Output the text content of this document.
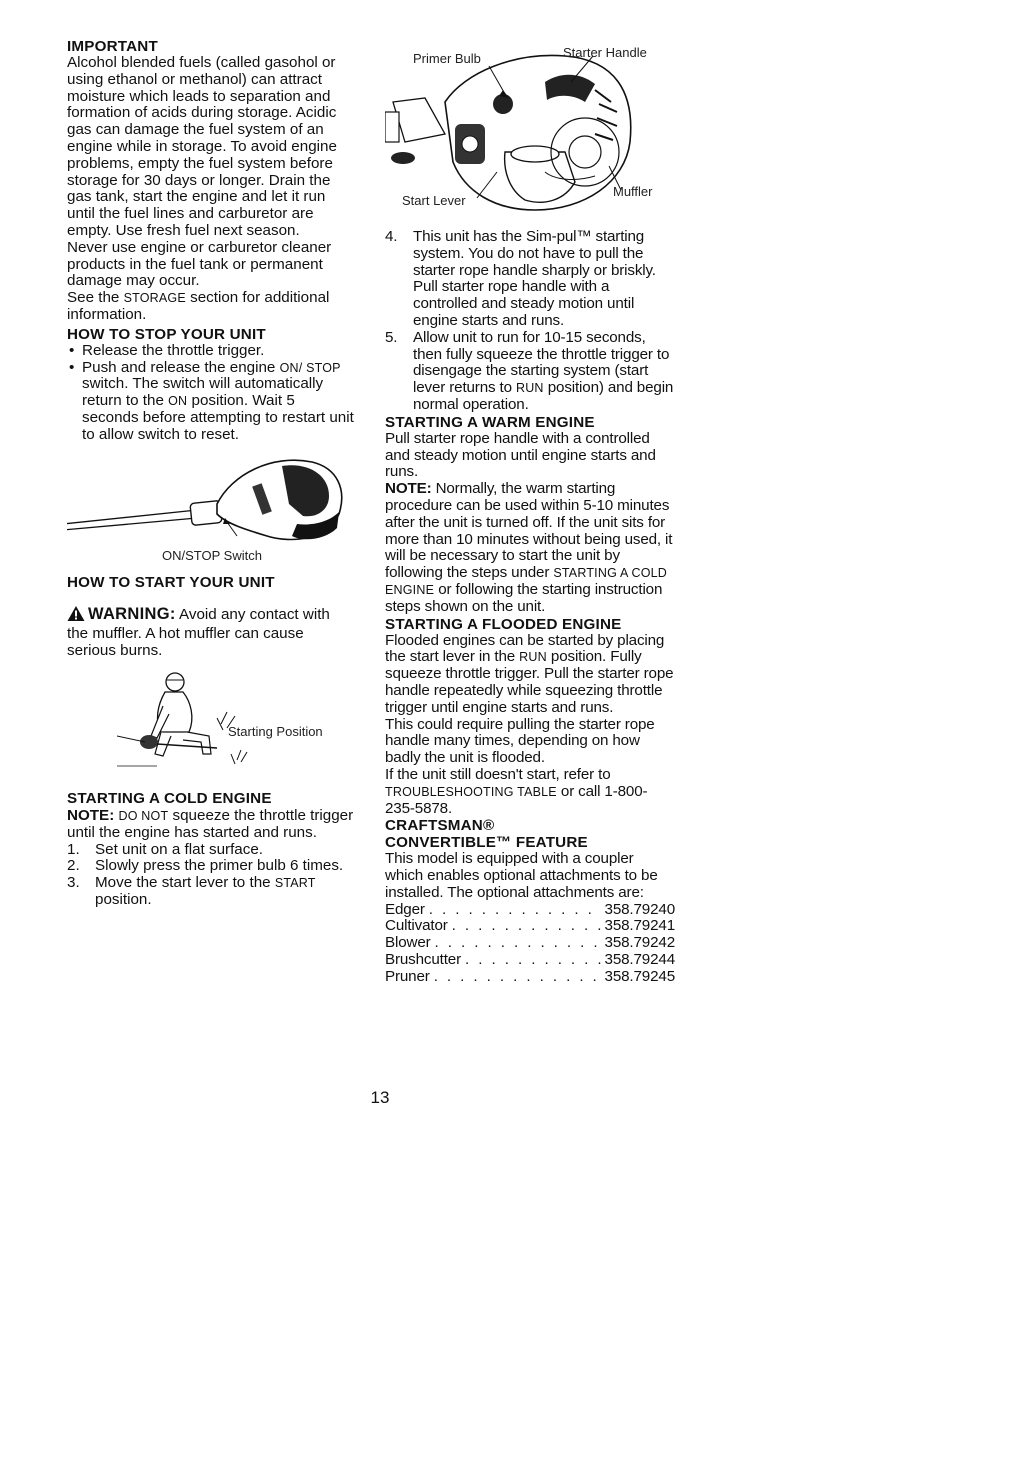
IMPORTANT

Alcohol blended fuels (called gasohol or using ethanol or methanol) can attract moisture which leads to separation and formation of acids during storage. Acidic gas can damage the fuel system of an engine while in storage. To avoid engine problems, empty the fuel system before storage for 30 days or longer. Drain the gas tank, start the engine and let it run until the fuel lines and carburetor are empty. Use fresh fuel next season.

Never use engine or carburetor cleaner products in the fuel tank or permanent damage may occur.

See the STORAGE section for additional information.

HOW TO STOP YOUR UNIT
• Release the throttle trigger.
• Push and release the engine ON/ STOP switch. The switch will automatically return to the ON position. Wait 5 seconds before attempting to restart unit to allow switch to reset.
ON/STOP Switch
HOW TO START YOUR UNIT

WARNING: Avoid any contact with the muffler. A hot muffler can cause serious burns.

Starting Position
STARTING A COLD ENGINE

NOTE: DO NOT squeeze the throttle trigger until the engine has started and runs.

1. Set unit on a flat surface.
2. Slowly press the primer bulb 6 times.
3. Move the start lever to the START position.
Primer Bulb	Starter Handle
Start Lever
Muffler
4. This unit has the Sim-pul™ starting system. You do not have to pull the starter rope handle sharply or briskly. Pull starter rope handle with a controlled and steady motion until engine starts and runs.
5. Allow unit to run for 10-15 seconds, then fully squeeze the throttle trigger to disengage the starting system (start lever returns to RUN position) and begin normal operation.
STARTING A WARM ENGINE

Pull starter rope handle with a controlled and steady motion until engine starts and runs.

NOTE: Normally, the warm starting procedure can be used within 5-10 minutes after the unit is turned off. If the unit sits for more than 10 minutes without being used, it will be necessary to start the unit by following the steps under STARTING A COLD ENGINE or following the starting instruction steps shown on the unit.

STARTING A FLOODED ENGINE

Flooded engines can be started by placing the start lever in the RUN position. Fully squeeze throttle trigger. Pull the starter rope handle repeatedly while squeezing throttle trigger until engine starts and runs.

This could require pulling the starter rope handle many times, depending on how badly the unit is flooded.

If the unit still doesn't start, refer to TROUBLESHOOTING TABLE or call 1-800-235-5878.

CRAFTSMAN®
CONVERTIBLE™ FEATURE

This model is equipped with a coupler which enables optional attachments to be installed. The optional attachments are:

Edger . . .	358.79240
Cultivator . . .	358.79241
Blower . . .	358.79242
Brushcutter . . .	358.79244
Pruner . . .	358.79245
13
